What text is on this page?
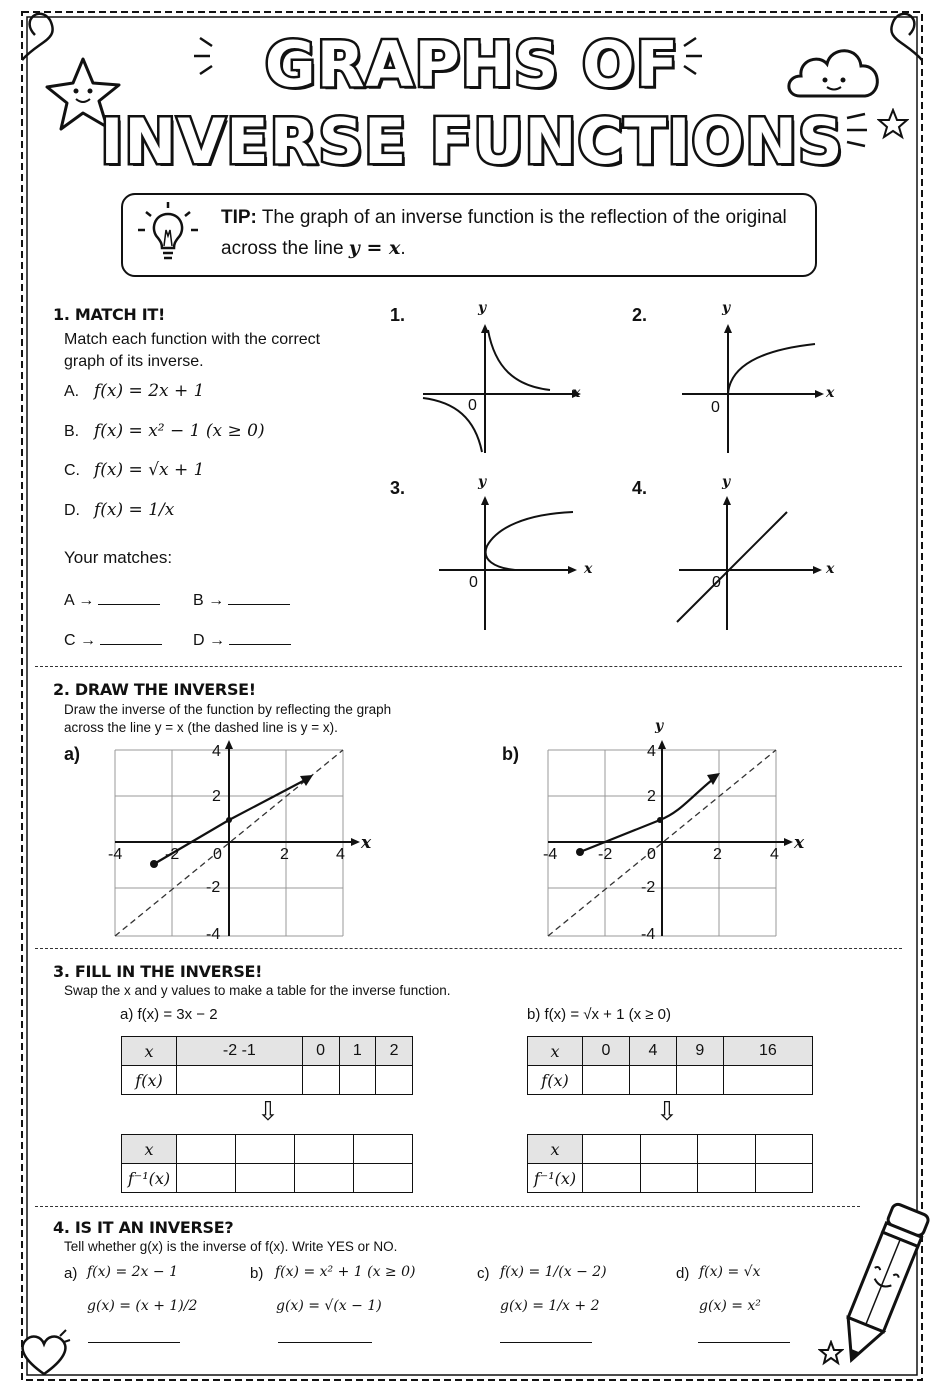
GRAPHS OF
INVERSE FUNCTIONS
TIP: The graph of an inverse function is the reflection of the original
across the line y = x.
1. MATCH IT!
Match each function with the correct
graph of its inverse.
A. f(x) = 2x + 1
B. f(x) = x² − 1 (x ≥ 0)
C. f(x) = √x + 1
D. f(x) = 1/x
Your matches:
A →	B →
C →	D →
1.	y
x
0
2.	y
x
0
3.	y
x
0
4.	y
x
0
2. DRAW THE INVERSE!
Draw the inverse of the function by reflecting the graph
across the line y = x (the dashed line is y = x).
a)	b)
x
-4	-2 0	2	4
4
2
-2
-4
y
x
-4	-2 0	2	4
4
2
-2
-4
3. FILL IN THE INVERSE!
Swap the x and y values to make a table for the inverse function.
a) f(x) = 3x − 2	b) f(x) = √x + 1 (x ≥ 0)
x	-2 -1	0	1	2
f(x)				
⇩
x				
f⁻¹(x)				
x	0	4	9	16
f(x)				
⇩
x				
f⁻¹(x)				
4. IS IT AN INVERSE?
Tell whether g(x) is the inverse of f(x). Write YES or NO.
a) f(x) = 2x − 1
g(x) = (x + 1)/2
b) f(x) = x² + 1 (x ≥ 0)
g(x) = √(x − 1)
c) f(x) = 1/(x − 2)
g(x) = 1/x + 2
d) f(x) = √x
g(x) = x²
